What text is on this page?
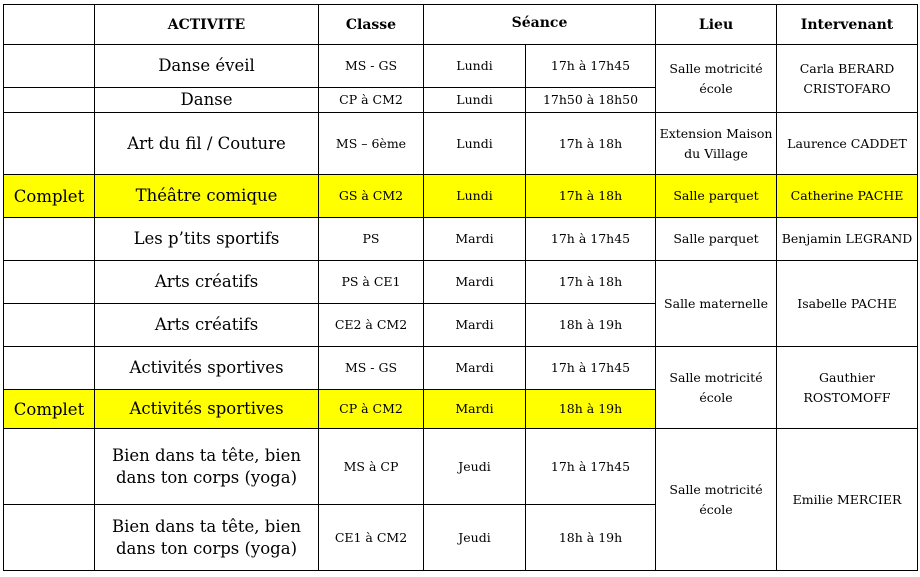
	ACTIVITE	Classe	Séance		Lieu	Intervenant
	Danse éveil	MS - GS	Lundi	17h à 17h45	Salle motricité école	Carla BERARD CRISTOFARO
	Danse	CP à CM2	Lundi	17h50 à 18h50		
	Art du fil / Couture	MS – 6ème	Lundi	17h à 18h	Extension Maison du Village	Laurence CADDET
Complet	Théâtre comique	GS à CM2	Lundi	17h à 18h	Salle parquet	Catherine PACHE
	Les p’tits sportifs	PS	Mardi	17h à 17h45	Salle parquet	Benjamin LEGRAND
	Arts créatifs	PS à CE1	Mardi	17h à 18h	Salle maternelle	Isabelle PACHE
	Arts créatifs	CE2 à CM2	Mardi	18h à 19h		
	Activités sportives	MS - GS	Mardi	17h à 17h45	Salle motricité école	Gauthier ROSTOMOFF
Complet	Activités sportives	CP à CM2	Mardi	18h à 19h		
	Bien dans ta tête, bien dans ton corps (yoga)	MS à CP	Jeudi	17h à 17h45	Salle motricité école	Emilie MERCIER
	Bien dans ta tête, bien dans ton corps (yoga)	CE1 à CM2	Jeudi	18h à 19h		
